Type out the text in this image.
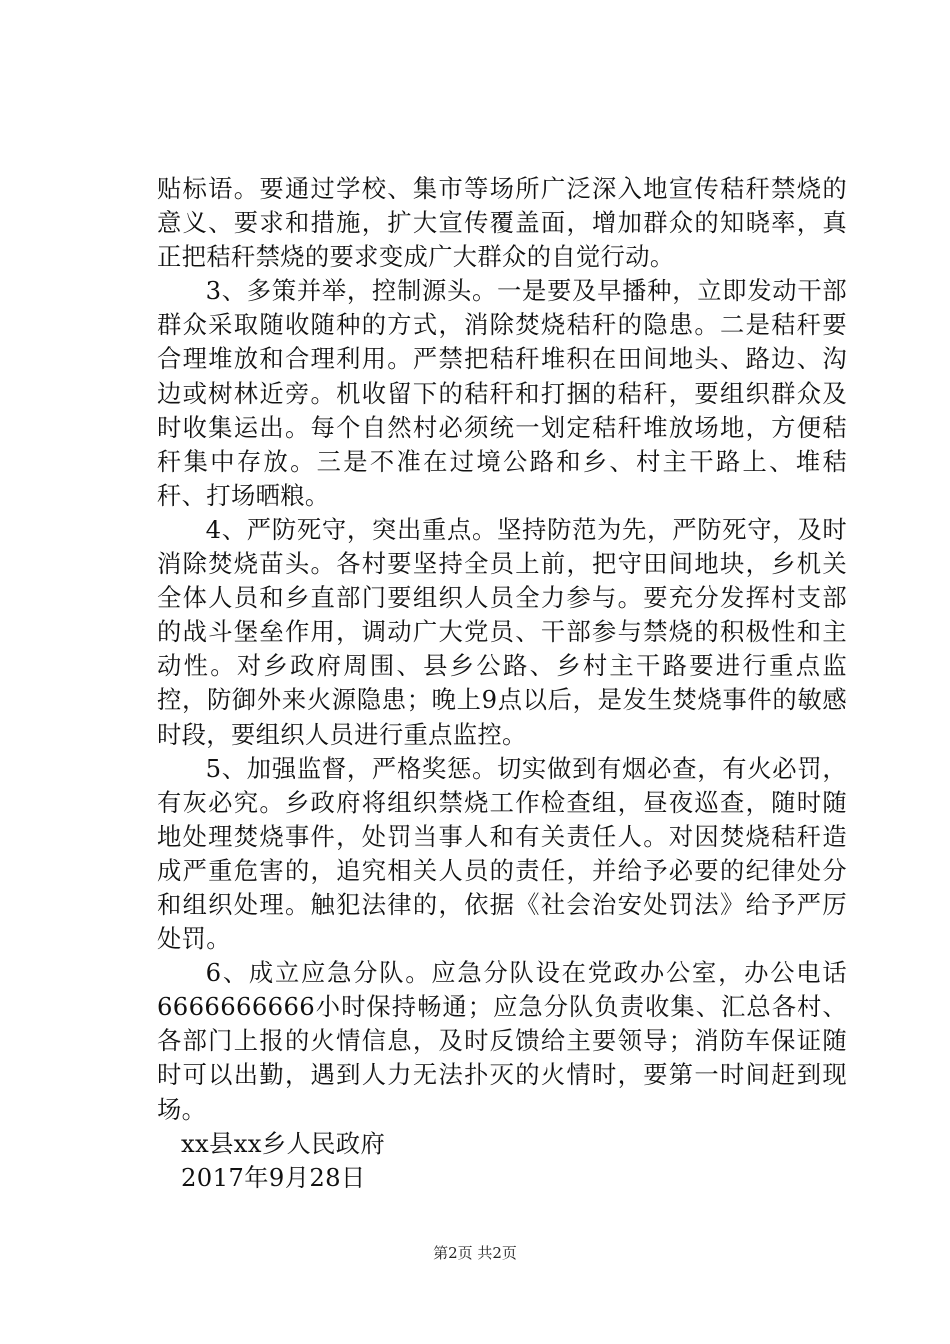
贴标语。要通过学校、集市等场所广泛深入地宣传秸秆禁烧的意义、要求和措施，扩大宣传覆盖面，增加群众的知晓率，真正把秸秆禁烧的要求变成广大群众的自觉行动。

3、多策并举，控制源头。一是要及早播种，立即发动干部群众采取随收随种的方式，消除焚烧秸秆的隐患。二是秸秆要合理堆放和合理利用。严禁把秸秆堆积在田间地头、路边、沟边或树林近旁。机收留下的秸秆和打捆的秸秆，要组织群众及时收集运出。每个自然村必须统一划定秸秆堆放场地，方便秸秆集中存放。三是不准在过境公路和乡、村主干路上、堆秸秆、打场晒粮。

4、严防死守，突出重点。坚持防范为先，严防死守，及时消除焚烧苗头。各村要坚持全员上前，把守田间地块，乡机关全体人员和乡直部门要组织人员全力参与。要充分发挥村支部的战斗堡垒作用，调动广大党员、干部参与禁烧的积极性和主动性。对乡政府周围、县乡公路、乡村主干路要进行重点监控，防御外来火源隐患；晚上9点以后，是发生焚烧事件的敏感时段，要组织人员进行重点监控。

5、加强监督，严格奖惩。切实做到有烟必查，有火必罚，有灰必究。乡政府将组织禁烧工作检查组，昼夜巡查，随时随地处理焚烧事件，处罚当事人和有关责任人。对因焚烧秸秆造成严重危害的，追究相关人员的责任，并给予必要的纪律处分和组织处理。触犯法律的，依据《社会治安处罚法》给予严厉处罚。

6、成立应急分队。应急分队设在党政办公室，办公电话6666666666小时保持畅通；应急分队负责收集、汇总各村、各部门上报的火情信息，及时反馈给主要领导；消防车保证随时可以出勤，遇到人力无法扑灭的火情时，要第一时间赶到现场。

xx县xx乡人民政府

2017年9月28日

第2页 共2页
